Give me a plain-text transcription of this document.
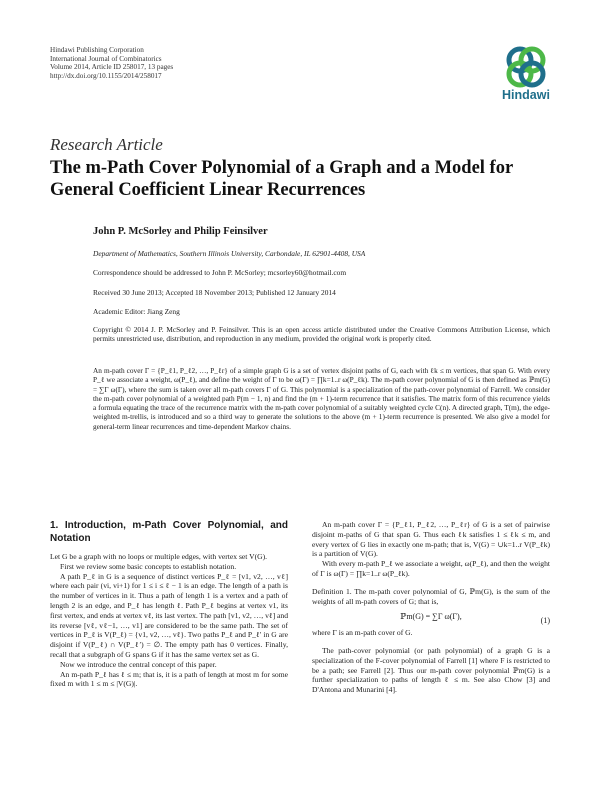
Hindawi Publishing Corporation
International Journal of Combinatorics
Volume 2014, Article ID 258017, 13 pages
http://dx.doi.org/10.1155/2014/258017
Hindawi
Research Article
The m-Path Cover Polynomial of a Graph and a Model for General Coefficient Linear Recurrences
John P. McSorley and Philip Feinsilver
Department of Mathematics, Southern Illinois University, Carbondale, IL 62901-4408, USA
Correspondence should be addressed to John P. McSorley; mcsorley60@hotmail.com
Received 30 June 2013; Accepted 18 November 2013; Published 12 January 2014
Academic Editor: Jiang Zeng
Copyright © 2014 J. P. McSorley and P. Feinsilver. This is an open access article distributed under the Creative Commons Attribution License, which permits unrestricted use, distribution, and reproduction in any medium, provided the original work is properly cited.
An m-path cover Γ = {P_ℓ1, P_ℓ2, …, P_ℓr} of a simple graph G is a set of vertex disjoint paths of G, each with ℓk ≤ m vertices, that span G. With every P_ℓ we associate a weight, ω(P_ℓ), and define the weight of Γ to be ω(Γ) = ∏k=1..r ω(P_ℓk). The m-path cover polynomial of G is then defined as ℙm(G) = ∑Γ ω(Γ), where the sum is taken over all m-path covers Γ of G. This polynomial is a specialization of the path-cover polynomial of Farrell. We consider the m-path cover polynomial of a weighted path P(m − 1, n) and find the (m + 1)-term recurrence that it satisfies. The matrix form of this recurrence yields a formula equating the trace of the recurrence matrix with the m-path cover polynomial of a suitably weighted cycle C(n). A directed graph, T(m), the edge-weighted m-trellis, is introduced and so a third way to generate the solutions to the above (m + 1)-term recurrence is presented. We also give a model for general-term linear recurrences and time-dependent Markov chains.
1. Introduction, m-Path Cover Polynomial, and Notation

Let G be a graph with no loops or multiple edges, with vertex set V(G).

First we review some basic concepts to establish notation.

A path P_ℓ in G is a sequence of distinct vertices P_ℓ = [v1, v2, …, vℓ] where each pair (vi, vi+1) for 1 ≤ i ≤ ℓ − 1 is an edge. The length of a path is the number of vertices in it. Thus a path of length 1 is a vertex and a path of length 2 is an edge, and P_ℓ has length ℓ. Path P_ℓ begins at vertex v1, its first vertex, and ends at vertex vℓ, its last vertex. The path [v1, v2, …, vℓ] and its reverse [vℓ, vℓ−1, …, v1] are considered to be the same path. The set of vertices in P_ℓ is V(P_ℓ) = {v1, v2, …, vℓ}. Two paths P_ℓ and P_ℓ′ in G are disjoint if V(P_ℓ) ∩ V(P_ℓ′) = ∅. The empty path has 0 vertices. Finally, recall that a subgraph of G spans G if it has the same vertex set as G.

Now we introduce the central concept of this paper.

An m-path P_ℓ has ℓ ≤ m; that is, it is a path of length at most m for some fixed m with 1 ≤ m ≤ |V(G)|.

An m-path cover Γ = {P_ℓ1, P_ℓ2, …, P_ℓr} of G is a set of pairwise disjoint m-paths of G that span G. Thus each ℓk satisfies 1 ≤ ℓk ≤ m, and every vertex of G lies in exactly one m-path; that is, V(G) = ∪k=1..r V(P_ℓk) is a partition of V(G).

With every m-path P_ℓ we associate a weight, ω(P_ℓ), and then the weight of Γ is ω(Γ) = ∏k=1..r ω(P_ℓk).

Definition 1. The m-path cover polynomial of G, ℙm(G), is the sum of the weights of all m-path covers of G; that is,

ℙm(G) = ∑Γ ω(Γ),	(1)

where Γ is an m-path cover of G.

The path-cover polynomial (or path polynomial) of a graph G is a specialization of the F-cover polynomial of Farrell [1] where F is restricted to be a path; see Farrell [2]. Thus our m-path cover polynomial ℙm(G) is a further specialization to paths of length ℓ ≤ m. See also Chow [3] and D'Antona and Munarini [4].
